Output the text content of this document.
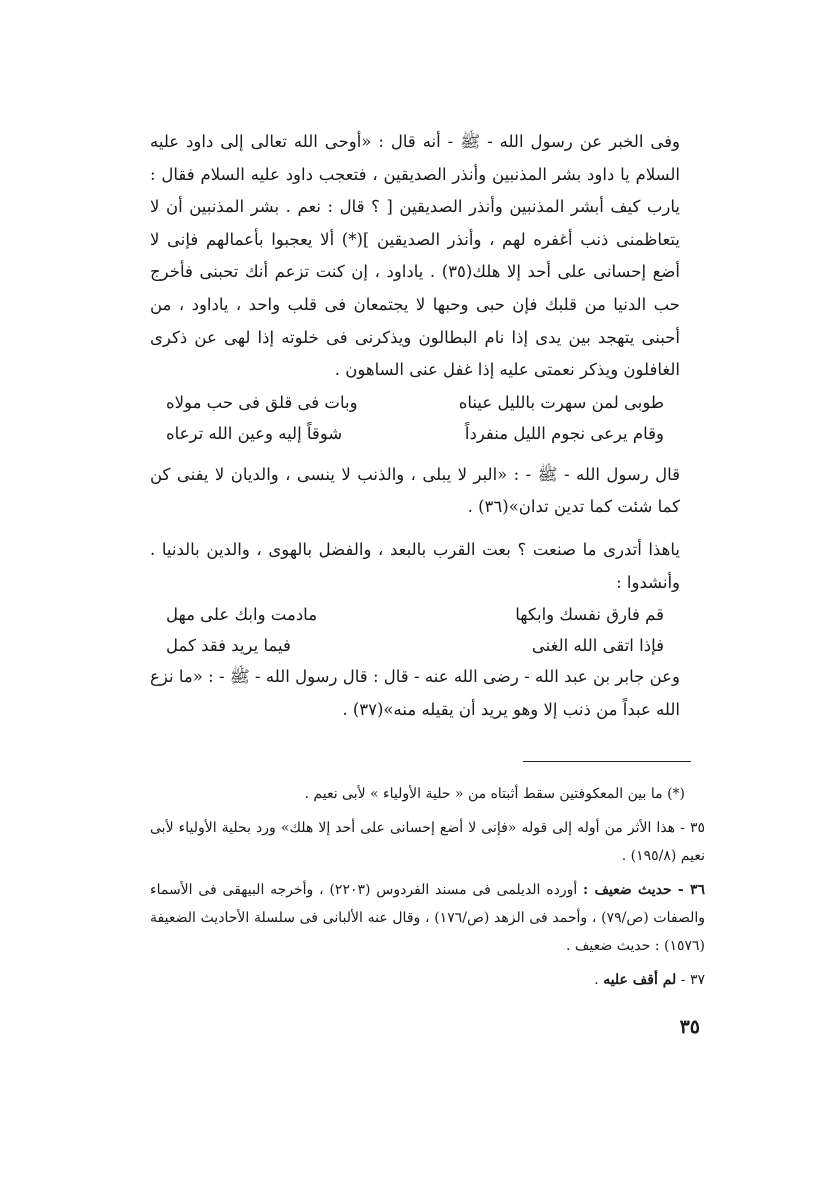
وفى الخبر عن رسول الله - ﷺ - أنه قال : «أوحى الله تعالى إلى داود عليه السلام يا داود بشر المذنبين وأنذر الصديقين ، فتعجب داود عليه السلام فقال : يارب كيف أبشر المذنبين وأنذر الصديقين [ ؟ قال : نعم . بشر المذنبين أن لا يتعاظمنى ذنب أغفره لهم ، وأنذر الصديقين ](*) ألا يعجبوا بأعمالهم فإنى لا أضع إحسانى على أحد إلا هلك(٣٥) . ياداود ، إن كنت تزعم أنك تحبنى فأخرج حب الدنيا من قلبك فإن حبى وحبها لا يجتمعان فى قلب واحد ، ياداود ، من أحبنى يتهجد بين يدى إذا نام البطالون ويذكرنى فى خلوته إذا لهى عن ذكرى الغافلون ويذكر نعمتى عليه إذا غفل عنى الساهون .

طوبى لمن سهرت بالليل عيناه
وبات فى قلق فى حب مولاه
وقام يرعى نجوم الليل منفرداً
شوقاً إليه وعين الله ترعاه

قال رسول الله - ﷺ - : «البر لا يبلى ، والذنب لا ينسى ، والديان لا يفنى كن كما شئت كما تدين تدان»(٣٦) .

ياهذا أتدرى ما صنعت ؟ بعت القرب بالبعد ، والفضل بالهوى ، والدين بالدنيا . وأنشدوا :

قم فارق نفسك وابكها
مادمت وابك على مهل
فإذا اتقى الله الغنى
فيما يريد فقد كمل

وعن جابر بن عبد الله - رضى الله عنه - قال : قال رسول الله - ﷺ - : «ما نزع الله عبداً من ذنب إلا وهو يريد أن يقيله منه»(٣٧) .

(*) ما بين المعكوفتين سقط أثبتاه من « حلية الأولياء » لأبى نعيم .

٣٥ - هذا الأثر من أوله إلى قوله «فإنى لا أضع إحسانى على أحد إلا هلك» ورد بحلية الأولياء لأبى نعيم (١٩٥/٨) .

٣٦ - حديث ضعيف : أورده الديلمى فى مسند الفردوس (٢٢٠٣) ، وأخرجه البيهقى فى الأسماء والصفات (ص/٧٩) ، وأحمد فى الزهد (ص/١٧٦) ، وقال عنه الألبانى فى سلسلة الأحاديث الضعيفة (١٥٧٦) : حديث ضعيف .

٣٧ - لم أقف عليه .

٣٥
